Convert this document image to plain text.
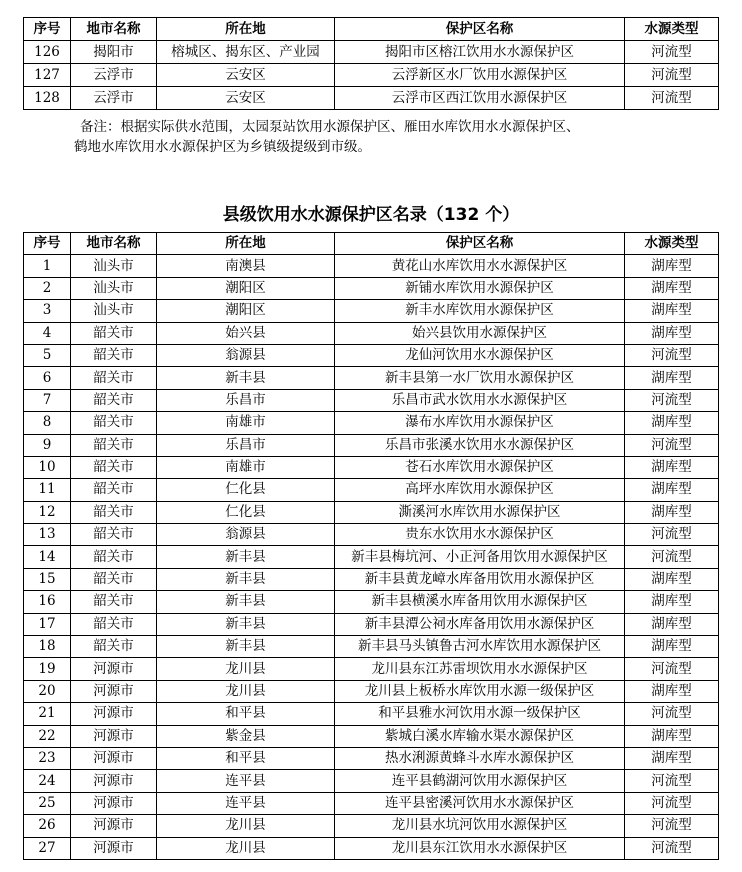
序号	地市名称	所在地	保护区名称	水源类型
126	揭阳市	榕城区、揭东区、产业园	揭阳市区榕江饮用水水源保护区	河流型
127	云浮市	云安区	云浮新区水厂饮用水源保护区	河流型
128	云浮市	云安区	云浮市区西江饮用水源保护区	河流型
备注：根据实际供水范围，太园泵站饮用水源保护区、雁田水库饮用水水源保护区、
鹤地水库饮用水水源保护区为乡镇级提级到市级。
县级饮用水水源保护区名录（132 个）
序号	地市名称	所在地	保护区名称	水源类型
1	汕头市	南澳县	黄花山水库饮用水水源保护区	湖库型
2	汕头市	潮阳区	新铺水库饮用水源保护区	湖库型
3	汕头市	潮阳区	新丰水库饮用水源保护区	湖库型
4	韶关市	始兴县	始兴县饮用水源保护区	湖库型
5	韶关市	翁源县	龙仙河饮用水水源保护区	河流型
6	韶关市	新丰县	新丰县第一水厂饮用水源保护区	湖库型
7	韶关市	乐昌市	乐昌市武水饮用水水源保护区	河流型
8	韶关市	南雄市	瀑布水库饮用水源保护区	湖库型
9	韶关市	乐昌市	乐昌市张溪水饮用水水源保护区	河流型
10	韶关市	南雄市	苍石水库饮用水源保护区	湖库型
11	韶关市	仁化县	高坪水库饮用水源保护区	湖库型
12	韶关市	仁化县	澌溪河水库饮用水源保护区	湖库型
13	韶关市	翁源县	贵东水饮用水水源保护区	河流型
14	韶关市	新丰县	新丰县梅坑河、小正河备用饮用水源保护区	河流型
15	韶关市	新丰县	新丰县黄龙嶂水库备用饮用水源保护区	湖库型
16	韶关市	新丰县	新丰县横溪水库备用饮用水源保护区	湖库型
17	韶关市	新丰县	新丰县潭公祠水库备用饮用水源保护区	湖库型
18	韶关市	新丰县	新丰县马头镇鲁古河水库饮用水源保护区	湖库型
19	河源市	龙川县	龙川县东江苏雷坝饮用水水源保护区	河流型
20	河源市	龙川县	龙川县上板桥水库饮用水源一级保护区	湖库型
21	河源市	和平县	和平县雅水河饮用水源一级保护区	河流型
22	河源市	紫金县	紫城白溪水库输水渠水源保护区	湖库型
23	河源市	和平县	热水浰源黄蜂斗水库水源保护区	湖库型
24	河源市	连平县	连平县鹤湖河饮用水源保护区	河流型
25	河源市	连平县	连平县密溪河饮用水水源保护区	河流型
26	河源市	龙川县	龙川县水坑河饮用水源保护区	河流型
27	河源市	龙川县	龙川县东江饮用水水源保护区	河流型
